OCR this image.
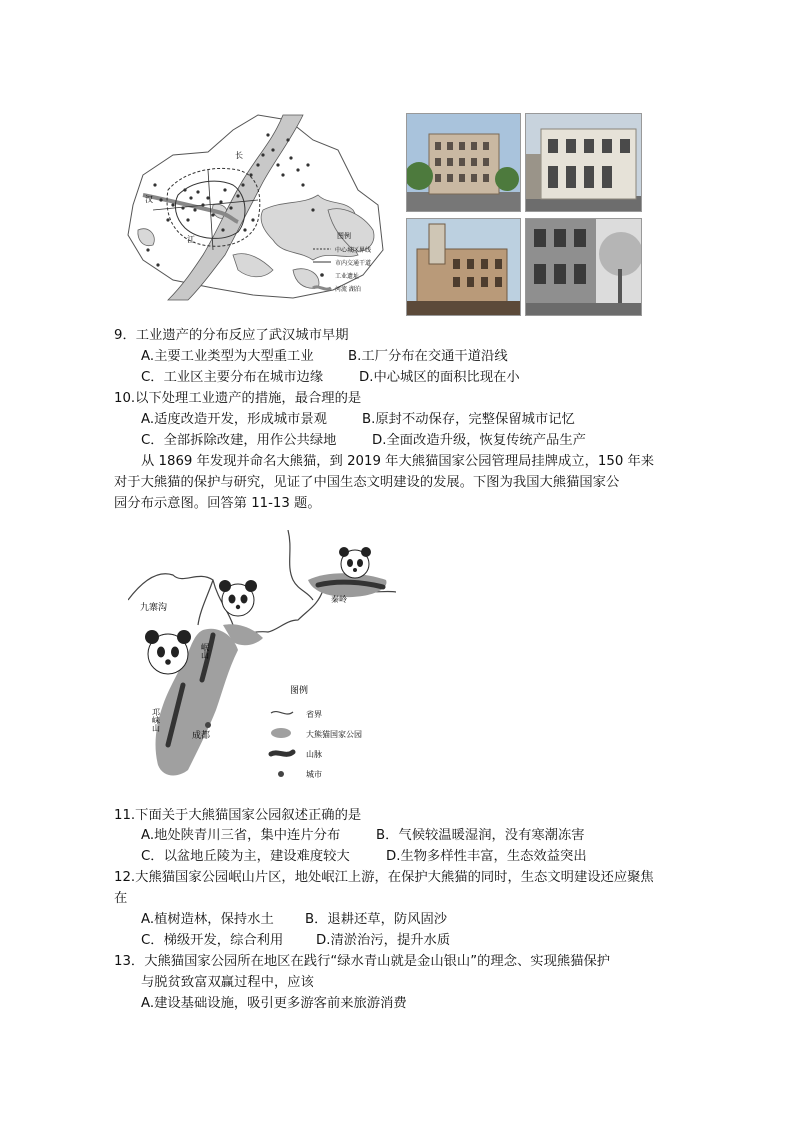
汉
江
长
图例
中心城区界线
市内交通干道
工业遗址
河流 湖泊
9．工业遗产的分布反应了武汉城市早期
A.主要工业类型为大型重工业	B.工厂分布在交通干道沿线
C．工业区主要分布在城市边缘	D.中心城区的面积比现在小
10.以下处理工业遗产的措施，最合理的是
A.适度改造开发，形成城市景观	B.原封不动保存，完整保留城市记忆
C．全部拆除改建，用作公共绿地	D.全面改造升级，恢复传统产品生产
从 1869 年发现并命名大熊猫，到 2019 年大熊猫国家公园管理局挂牌成立，150 年来
对于大熊猫的保护与研究，见证了中国生态文明建设的发展。下图为我国大熊猫国家公
园分布示意图。回答第 11-13 题。
九寨沟
秦岭
岷山
邛崃山
成都
图例
省界
大熊猫国家公园
山脉
城市
11.下面关于大熊猫国家公园叙述正确的是
A.地处陕青川三省，集中连片分布	B．气候较温暖湿润，没有寒潮冻害
C．以盆地丘陵为主，建设难度较大	D.生物多样性丰富，生态效益突出
12.大熊猫国家公园岷山片区，地处岷江上游，在保护大熊猫的同时，生态文明建设还应聚焦
在
A.植树造林，保持水土 B．退耕还草，防风固沙
C．梯级开发，综合利用 D.清淤治污，提升水质
13．大熊猫国家公园所在地区在践行“绿水青山就是金山银山”的理念、实现熊猫保护
与脱贫致富双赢过程中，应该
A.建设基础设施，吸引更多游客前来旅游消费
